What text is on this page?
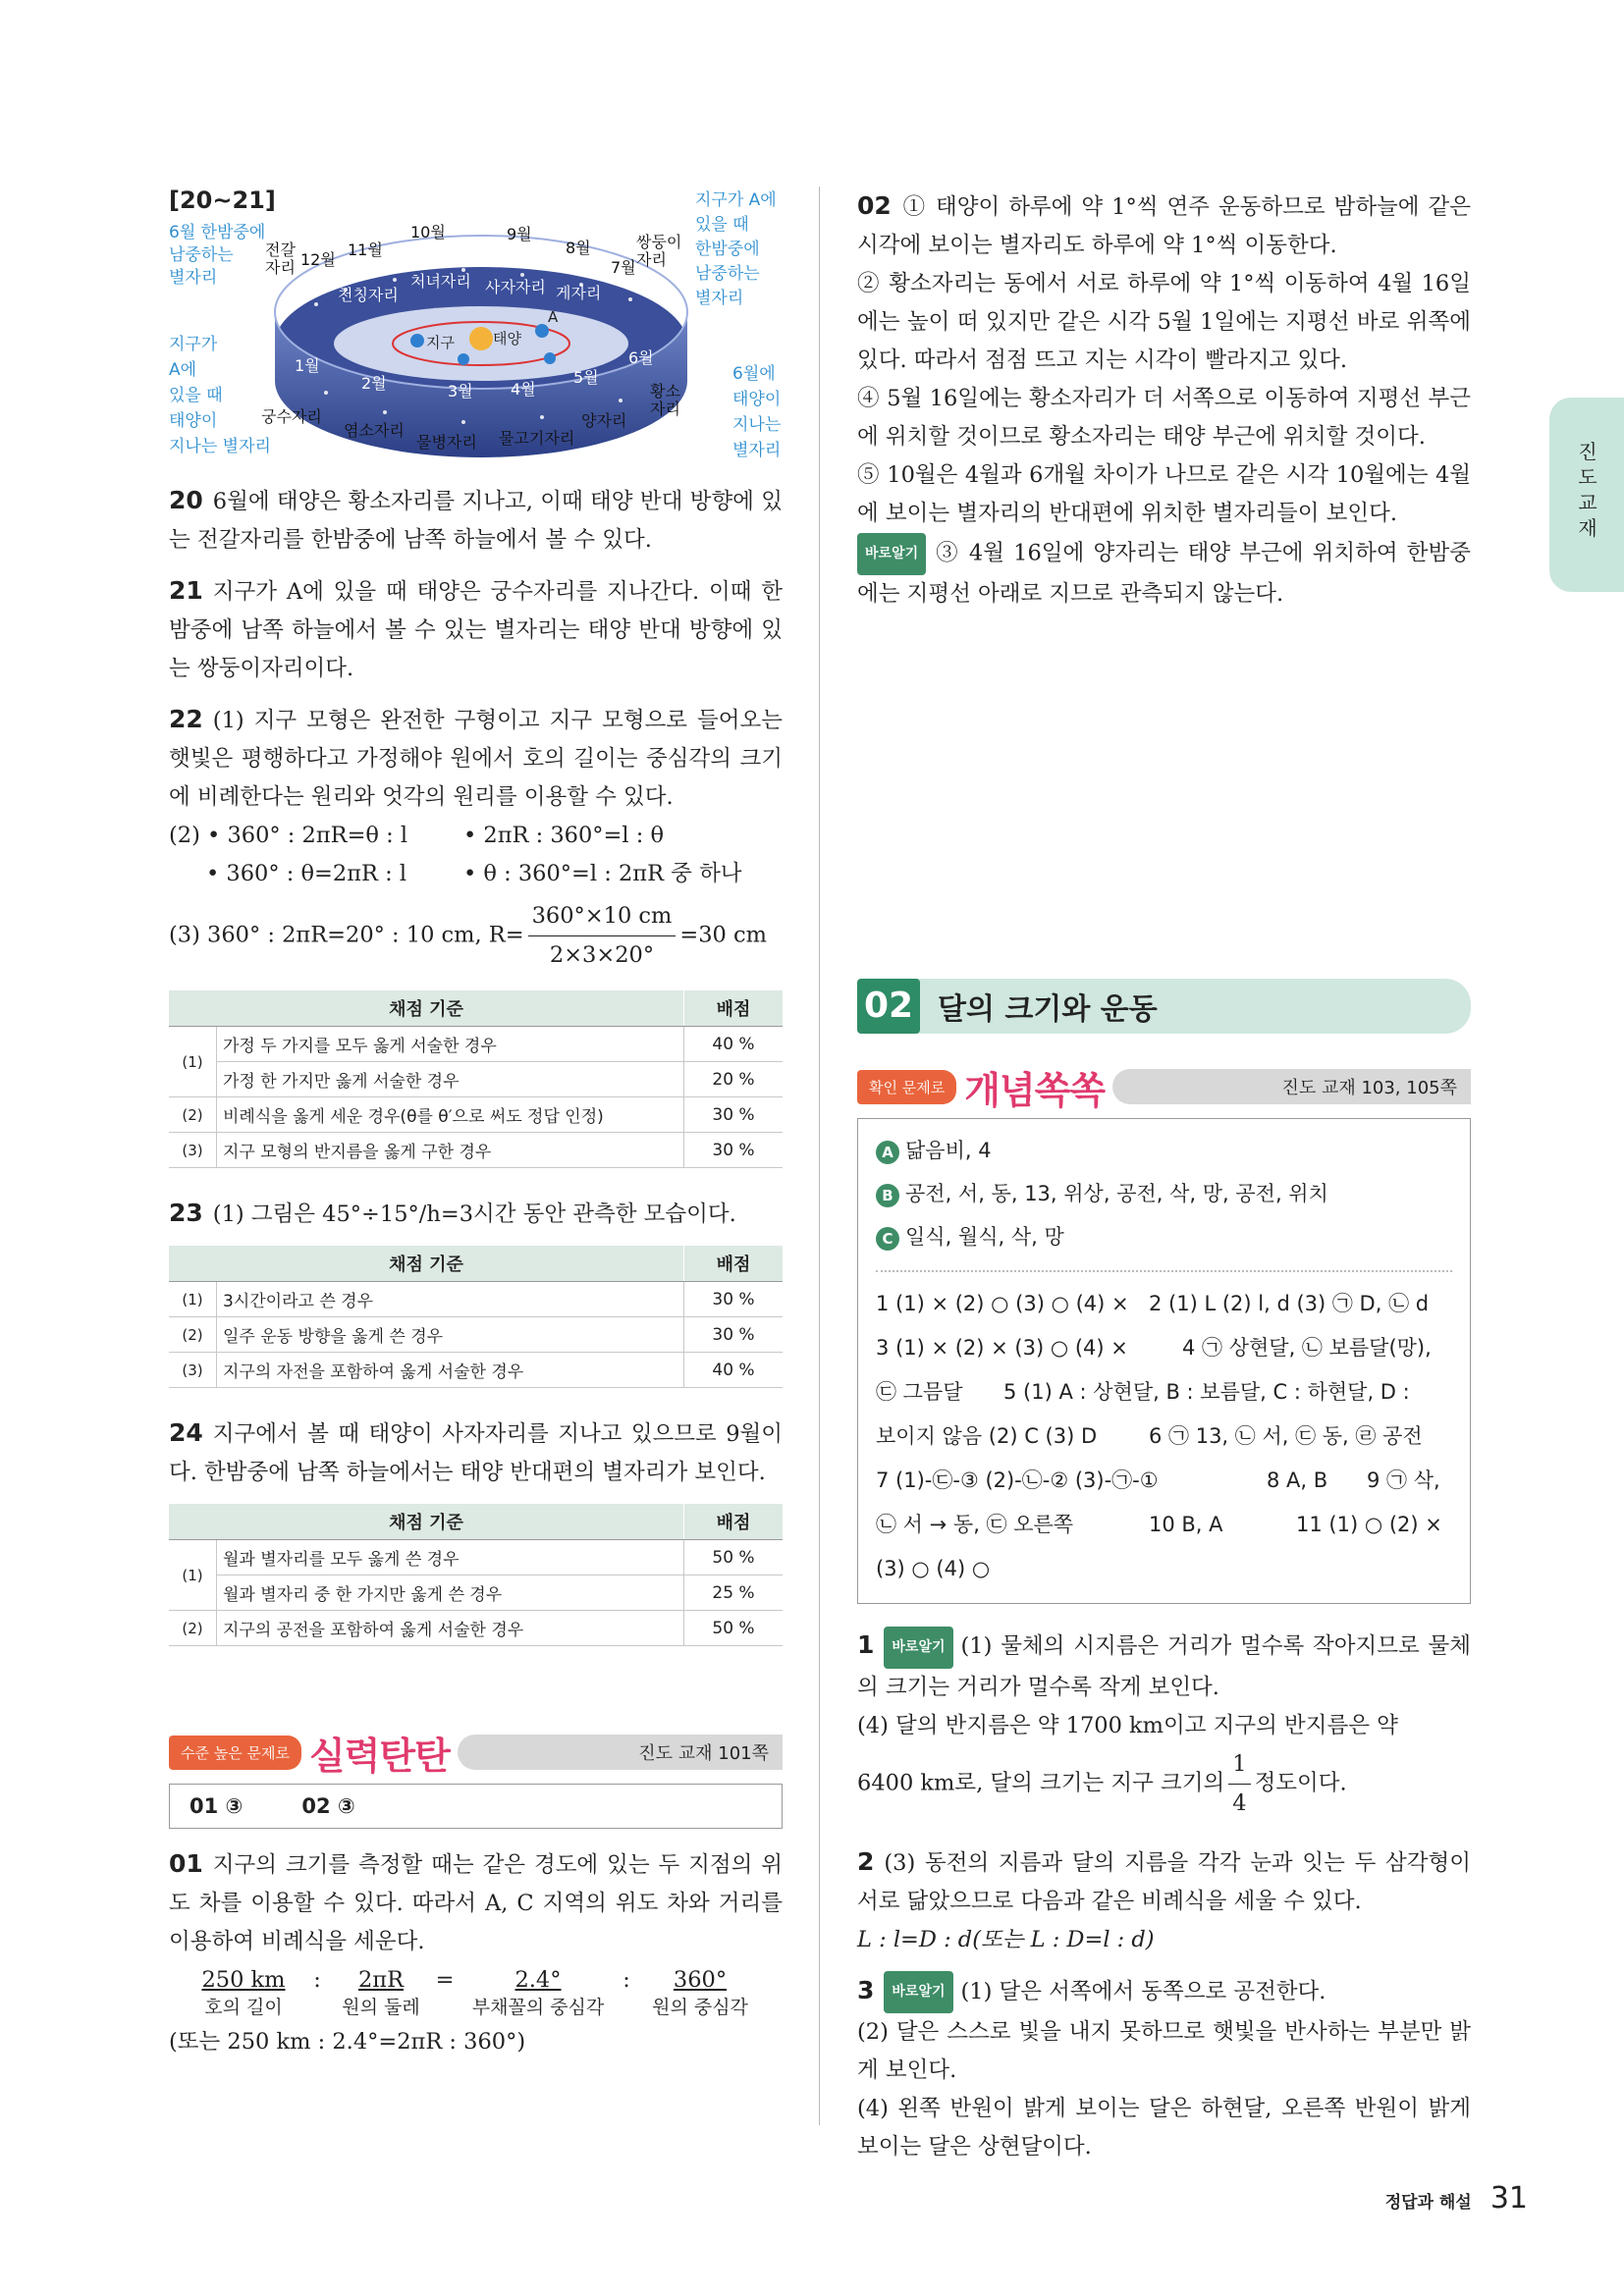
진도 교재
[20~21]
6월 한밤중에
남중하는
별자리
지구가
A에
있을 때
태양이
지나는 별자리
지구가 A에
있을 때
한밤중에
남중하는
별자리
6월에
태양이
지나는
별자리
전갈 자리 12월
11월
10월	9월
8월
7월
쌍둥이 자리
천칭자리
처녀자리 사자자리 게자리
1월
2월	3월 4월
5월
6월
궁수자리
염소자리
물병자리 물고기자리
양자리
황소 자리
지구	태양
A

20 6월에 태양은 황소자리를 지나고, 이때 태양 반대 방향에 있는 전갈자리를 한밤중에 남쪽 하늘에서 볼 수 있다.

21 지구가 A에 있을 때 태양은 궁수자리를 지나간다. 이때 한밤중에 남쪽 하늘에서 볼 수 있는 별자리는 태양 반대 방향에 있는 쌍둥이자리이다.

22 (1) 지구 모형은 완전한 구형이고 지구 모형으로 들어오는 햇빛은 평행하다고 가정해야 원에서 호의 길이는 중심각의 크기에 비례한다는 원리와 엇각의 원리를 이용할 수 있다.

(2) • 360° : 2πR=θ : l	• 2πR : 360°=l : θ
• 360° : θ=2πR : l	• θ : 360°=l : 2πR 중 하나
(3) 360° : 2πR=20° : 10 cm, $R= \frac{360^\circ\times 10 cm}{2\times 3\times 20^\circ} =30$ cm
채점 기준		배점
(1)	가정 두 가지를 모두 옳게 서술한 경우	40 %
	가정 한 가지만 옳게 서술한 경우	20 %
(2)	비례식을 옳게 세운 경우(θ를 θ′으로 써도 정답 인정)	30 %
(3)	지구 모형의 반지름을 옳게 구한 경우	30 %

23 (1) 그림은 45°÷15°/h=3시간 동안 관측한 모습이다.

채점 기준		배점
(1)	3시간이라고 쓴 경우	30 %
(2)	일주 운동 방향을 옳게 쓴 경우	30 %
(3)	지구의 자전을 포함하여 옳게 서술한 경우	40 %

24 지구에서 볼 때 태양이 사자자리를 지나고 있으므로 9월이다. 한밤중에 남쪽 하늘에서는 태양 반대편의 별자리가 보인다.

채점 기준		배점
(1)	월과 별자리를 모두 옳게 쓴 경우	50 %
	월과 별자리 중 한 가지만 옳게 쓴 경우	25 %
(2)	지구의 공전을 포함하여 옳게 서술한 경우	50 %
수준 높은 문제로 실력탄탄	진도 교재 101쪽
01 ③	02 ③

01 지구의 크기를 측정할 때는 같은 경도에 있는 두 지점의 위도 차를 이용할 수 있다. 따라서 A, C 지역의 위도 차와 거리를 이용하여 비례식을 세운다.

250 km
호의 길이
:	2πR
원의 둘레
=	2.4°
부채꼴의 중심각
:	360°
원의 중심각
(또는 250 km : 2.4°=2πR : 360°)

02 ① 태양이 하루에 약 1°씩 연주 운동하므로 밤하늘에 같은 시각에 보이는 별자리도 하루에 약 1°씩 이동한다.

② 황소자리는 동에서 서로 하루에 약 1°씩 이동하여 4월 16일에는 높이 떠 있지만 같은 시각 5월 1일에는 지평선 바로 위쪽에 있다. 따라서 점점 뜨고 지는 시각이 빨라지고 있다.

④ 5월 16일에는 황소자리가 더 서쪽으로 이동하여 지평선 부근에 위치할 것이므로 황소자리는 태양 부근에 위치할 것이다.

⑤ 10월은 4월과 6개월 차이가 나므로 같은 시각 10월에는 4월에 보이는 별자리의 반대편에 위치한 별자리들이 보인다.

바로알기 ③ 4월 16일에 양자리는 태양 부근에 위치하여 한밤중에는 지평선 아래로 지므로 관측되지 않는다.

02 달의 크기와 운동
확인 문제로 개념쏙쏙	진도 교재 103, 105쪽
A 닮음비, 4
B 공전, 서, 동, 13, 위상, 공전, 삭, 망, 공전, 위치
C 일식, 월식, 삭, 망
1 (1) × (2) ○ (3) ○ (4) × 2 (1) L (2) l, d (3) ㉠ D, ㉡ d
3 (1) × (2) × (3) ○ (4) ×	4 ㉠ 상현달, ㉡ 보름달(망),
㉢ 그믐달 5 (1) A : 상현달, B : 보름달, C : 하현달, D :
보이지 않음 (2) C (3) D	6 ㉠ 13, ㉡ 서, ㉢ 동, ㉣ 공전
7 (1)-㉢-③ (2)-㉡-② (3)-㉠-①	8 A, B 9 ㉠ 삭,
㉡ 서 → 동, ㉢ 오른쪽	10 B, A	11 (1) ○ (2) ×
(3) ○ (4) ○

1 바로알기 (1) 물체의 시지름은 거리가 멀수록 작아지므로 물체의 크기는 거리가 멀수록 작게 보인다.

(4) 달의 반지름은 약 1700 km이고 지구의 반지름은 약

6400 km로, 달의 크기는 지구 크기의 $\frac{1}{4}$ 정도이다.

2 (3) 동전의 지름과 달의 지름을 각각 눈과 잇는 두 삼각형이 서로 닮았으므로 다음과 같은 비례식을 세울 수 있다.

L : l=D : d(또는 L : D=l : d)

3 바로알기 (1) 달은 서쪽에서 동쪽으로 공전한다.

(2) 달은 스스로 빛을 내지 못하므로 햇빛을 반사하는 부분만 밝게 보인다.

(4) 왼쪽 반원이 밝게 보이는 달은 하현달, 오른쪽 반원이 밝게 보이는 달은 상현달이다.

정답과 해설 31
